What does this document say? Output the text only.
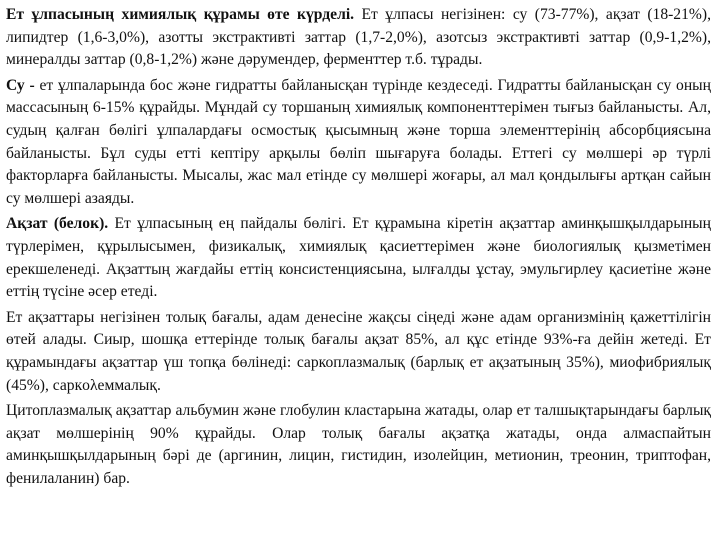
Ет ұлпасының химиялық құрамы өте күрделі. Ет ұлпасы негізінен: су (73-77%), ақзат (18-21%), липидтер (1,6-3,0%), азотты экстрактивті заттар (1,7-2,0%), азотсыз экстрактивті заттар (0,9-1,2%), минералды заттар (0,8-1,2%) және дәрумендер, ферменттер т.б. тұрады.

Су - ет ұлпаларында бос және гидратты байланысқан түрінде кездеседі. Гидратты байланысқан су оның массасының 6-15% құрайды. Мұндай су торшаның химиялық компоненттерімен тығыз байланысты. Ал, судың қалған бөлігі ұлпалардағы осмостық қысымның және торша элементтерінің абсорбциясына байланысты. Бұл суды етті кептіру арқылы бөліп шығаруға болады. Еттегі су мөлшері әр түрлі факторларға байланысты. Мысалы, жас мал етінде су мөлшері жоғары, ал мал қондылығы артқан сайын су мөлшері азаяды.

Ақзат (белок). Ет ұлпасының ең пайдалы бөлігі. Ет құрамына кіретін ақзаттар аминқышқылдарының түрлерімен, құрылысымен, физикалық, химиялық қасиеттерімен және биологиялық қызметімен ерекшеленеді. Ақзаттың жағдайы еттің консистенциясына, ылғалды ұстау, эмульгирлеу қасиетіне және еттің түсіне әсер етеді.

Ет ақзаттары негізінен толық бағалы, адам денесіне жақсы сіңеді және адам организмінің қажеттілігін өтей алады. Сиыр, шошқа еттерінде толық бағалы ақзат 85%, ал құс етінде 93%-ға дейін жетеді. Ет құрамындағы ақзаттар үш топқа бөлінеді: саркоплазмалық (барлық ет ақзатының 35%), миофибриялық (45%), саркολеммалық.

Цитоплазмалық ақзаттар альбумин және глобулин кластарына жатады, олар ет талшықтарындағы барлық ақзат мөлшерінің 90% құрайды. Олар толық бағалы ақзатқа жатады, онда алмаспайтын аминқышқылдарының бәрі де (аргинин, лицин, гистидин, изолейцин, метионин, треонин, триптофан, фенилаланин) бар.
